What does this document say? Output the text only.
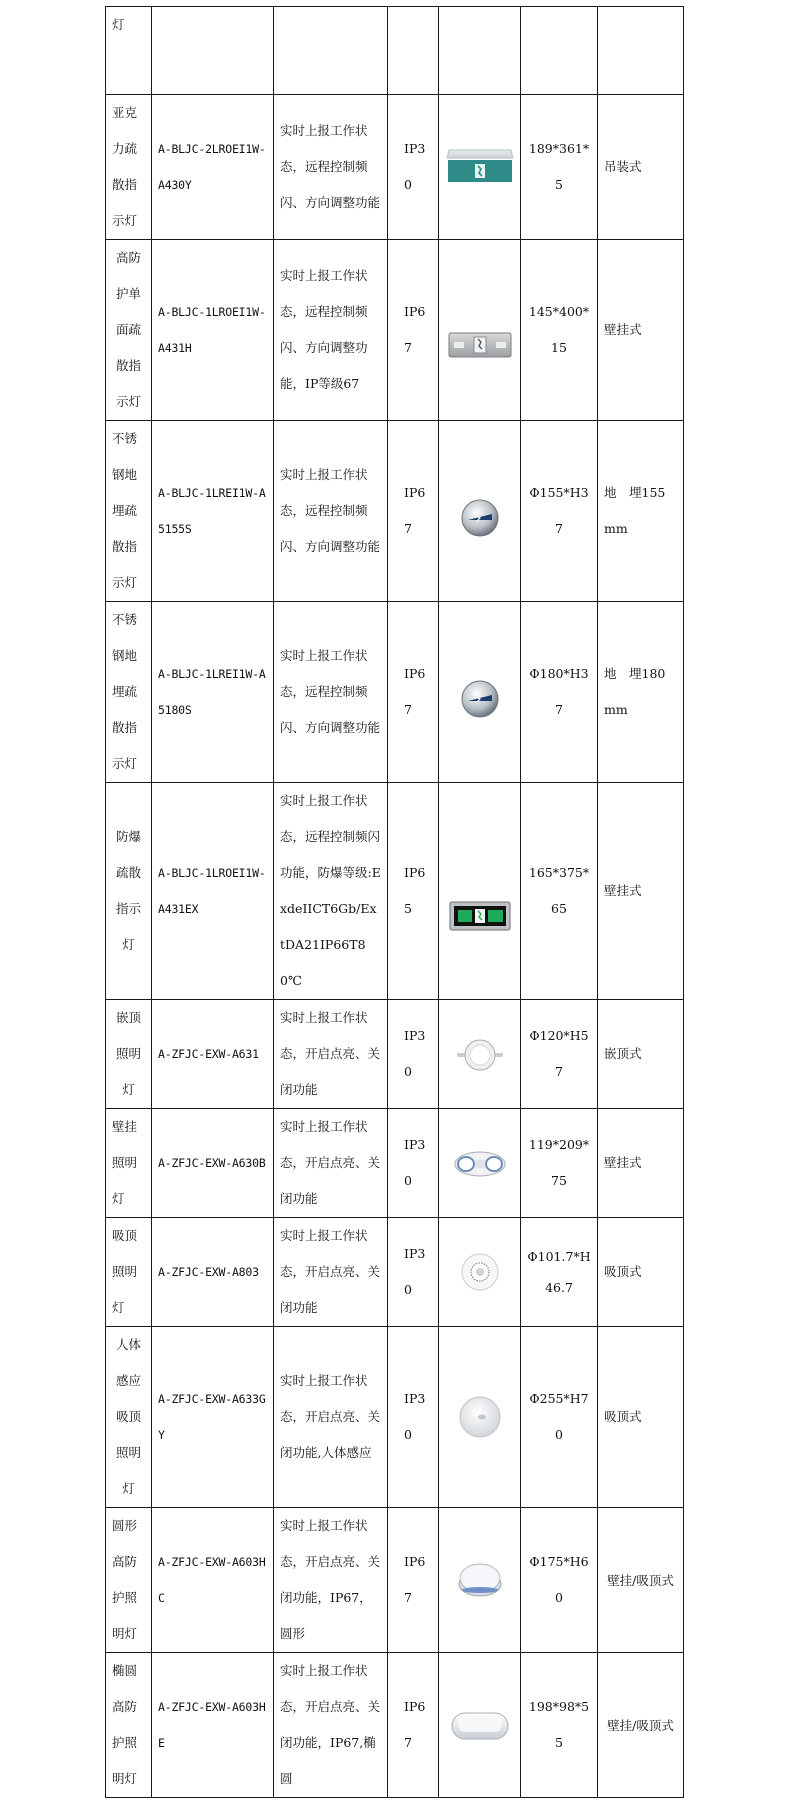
灯						
亚克力疏散指示灯	A-BLJC-2LROEI1W-A430Y	实时上报工作状态，远程控制频闪、方向调整功能	IP30		189*361*5	吊装式
高防护单面疏散指示灯	A-BLJC-1LROEI1W-A431H	实时上报工作状态，远程控制频闪、方向调整功能，IP等级67	IP67		145*400*15	壁挂式
不锈钢地埋疏散指示灯	A-BLJC-1LREI1W-A5155S	实时上报工作状态，远程控制频闪、方向调整功能	IP67		Φ155*H37	地　埋155mm
不锈钢地埋疏散指示灯	A-BLJC-1LREI1W-A5180S	实时上报工作状态，远程控制频闪、方向调整功能	IP67		Φ180*H37	地　埋180mm
防爆疏散指示灯	A-BLJC-1LROEI1W-A431EX	实时上报工作状态，远程控制频闪功能，防爆等级:ExdeIICT6Gb/ExtDA21IP66T80℃	IP65		165*375*65	壁挂式
嵌顶照明灯	A-ZFJC-EXW-A631	实时上报工作状态，开启点亮、关闭功能	IP30		Φ120*H57	嵌顶式
壁挂照明灯	A-ZFJC-EXW-A630B	实时上报工作状态，开启点亮、关闭功能	IP30		119*209*75	壁挂式
吸顶照明灯	A-ZFJC-EXW-A803	实时上报工作状态，开启点亮、关闭功能	IP30		Φ101.7*H46.7	吸顶式
人体感应吸顶照明灯	A-ZFJC-EXW-A633GY	实时上报工作状态，开启点亮、关闭功能,人体感应	IP30		Φ255*H70	吸顶式
圆形高防护照明灯	A-ZFJC-EXW-A603HC	实时上报工作状态，开启点亮、关闭功能，IP67，圆形	IP67		Φ175*H60	壁挂/吸顶式
椭圆高防护照明灯	A-ZFJC-EXW-A603HE	实时上报工作状态，开启点亮、关闭功能，IP67,椭圆	IP67		198*98*55	壁挂/吸顶式
